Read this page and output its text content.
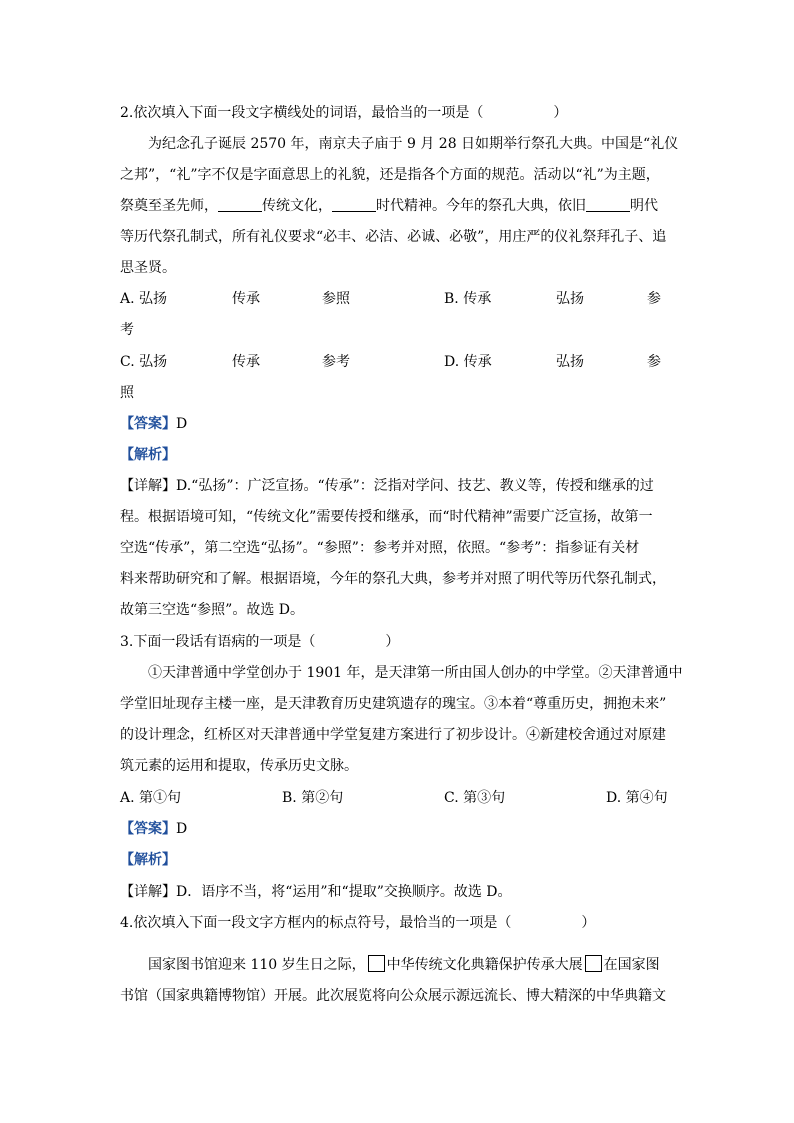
2.依次填入下面一段文字横线处的词语，最恰当的一项是（　　　　　）
为纪念孔子诞辰 2570 年，南京夫子庙于 9 月 28 日如期举行祭孔大典。中国是“礼仪
之邦”，“礼”字不仅是字面意思上的礼貌，还是指各个方面的规范。活动以“礼”为主题，
祭奠至圣先师，	传统文化，	时代精神。今年的祭孔大典，依旧	明代
等历代祭孔制式，所有礼仪要求“必丰、必洁、必诚、必敬”，用庄严的仪礼祭拜孔子、追
思圣贤。
A. 弘扬	传承	参照	B. 传承	弘扬	参
考
C. 弘扬	传承	参考	D. 传承	弘扬	参
照
【答案】D
【解析】
【详解】D.“弘扬”：广泛宣扬。“传承”：泛指对学问、技艺、教义等，传授和继承的过
程。根据语境可知，“传统文化”需要传授和继承，而“时代精神”需要广泛宣扬，故第一
空选“传承”，第二空选“弘扬”。“参照”：参考并对照，依照。“参考”：指参证有关材
料来帮助研究和了解。根据语境，今年的祭孔大典，参考并对照了明代等历代祭孔制式，
故第三空选“参照”。故选 D。
3.下面一段话有语病的一项是（　　　　　）
①天津普通中学堂创办于 1901 年，是天津第一所由国人创办的中学堂。②天津普通中
学堂旧址现存主楼一座，是天津教育历史建筑遗存的瑰宝。③本着“尊重历史，拥抱未来”
的设计理念，红桥区对天津普通中学堂复建方案进行了初步设计。④新建校舍通过对原建
筑元素的运用和提取，传承历史文脉。
A. 第①句	B. 第②句	C. 第③句	D. 第④句
【答案】D
【解析】
【详解】D．语序不当，将“运用”和“提取”交换顺序。故选 D。
4.依次填入下面一段文字方框内的标点符号，最恰当的一项是（　　　　　）
国家图书馆迎来 110 岁生日之际， 中华传统文化典籍保护传承大展 在国家图
书馆（国家典籍博物馆）开展。此次展览将向公众展示源远流长、博大精深的中华典籍文
